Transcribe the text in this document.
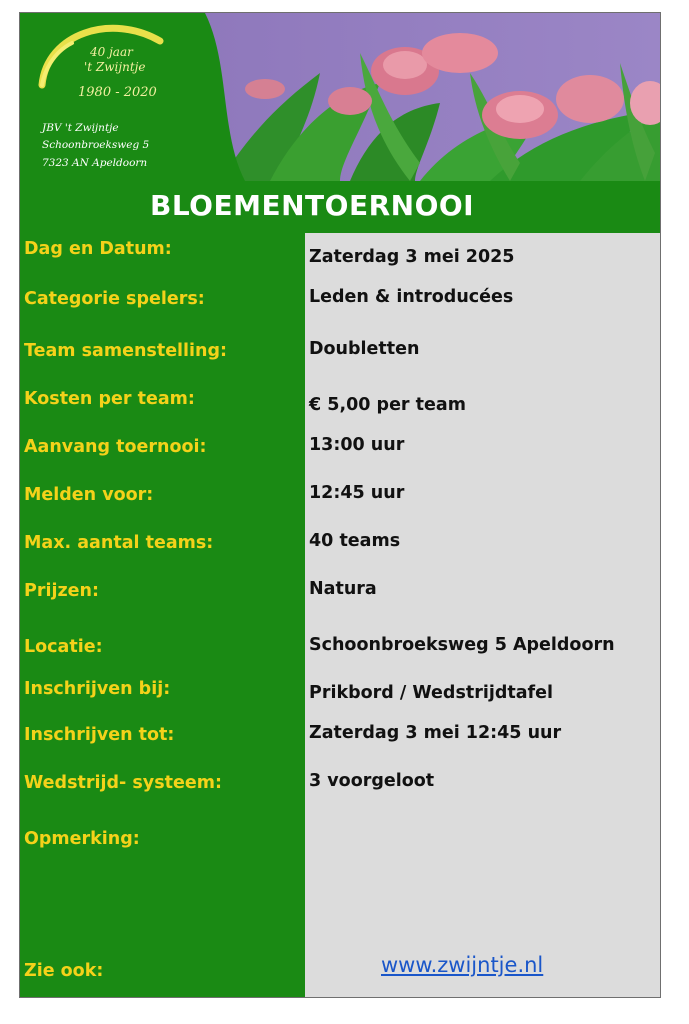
40 jaar
't Zwijntje
1980 - 2020
JBV 't Zwijntje
Schoonbroeksweg 5
7323 AN Apeldoorn
BLOEMENTOERNOOI
Dag en Datum:
Categorie spelers:
Team samenstelling:
Kosten per team:
Aanvang toernooi:
Melden voor:
Max. aantal teams:
Prijzen:
Locatie:
Inschrijven bij:
Inschrijven tot:
Wedstrijd- systeem:
Opmerking:
Zie ook:
Zaterdag 3 mei 2025
Leden & introducées
Doubletten
€ 5,00 per team
13:00 uur
12:45 uur
40 teams
Natura
Schoonbroeksweg 5 Apeldoorn
Prikbord / Wedstrijdtafel
Zaterdag 3 mei 12:45 uur
3 voorgeloot
www.zwijntje.nl
